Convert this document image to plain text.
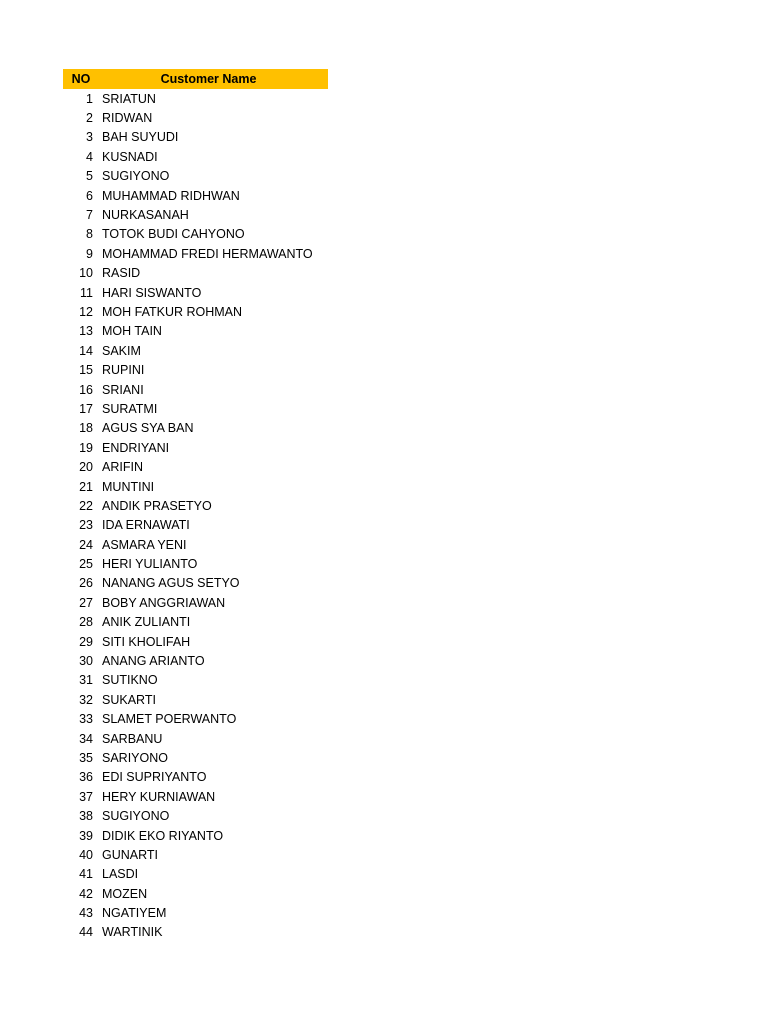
NO	Customer Name
1 SRIATUN
2 RIDWAN
3 BAH SUYUDI
4 KUSNADI
5 SUGIYONO
6 MUHAMMAD RIDHWAN
7 NURKASANAH
8 TOTOK BUDI CAHYONO
9 MOHAMMAD FREDI HERMAWANTO
10 RASID
11 HARI SISWANTO
12 MOH FATKUR ROHMAN
13 MOH TAIN
14 SAKIM
15 RUPINI
16 SRIANI
17 SURATMI
18 AGUS SYA BAN
19 ENDRIYANI
20 ARIFIN
21 MUNTINI
22 ANDIK PRASETYO
23 IDA ERNAWATI
24 ASMARA YENI
25 HERI YULIANTO
26 NANANG AGUS SETYO
27 BOBY ANGGRIAWAN
28 ANIK ZULIANTI
29 SITI KHOLIFAH
30 ANANG ARIANTO
31 SUTIKNO
32 SUKARTI
33 SLAMET POERWANTO
34 SARBANU
35 SARIYONO
36 EDI SUPRIYANTO
37 HERY KURNIAWAN
38 SUGIYONO
39 DIDIK EKO RIYANTO
40 GUNARTI
41 LASDI
42 MOZEN
43 NGATIYEM
44 WARTINIK
